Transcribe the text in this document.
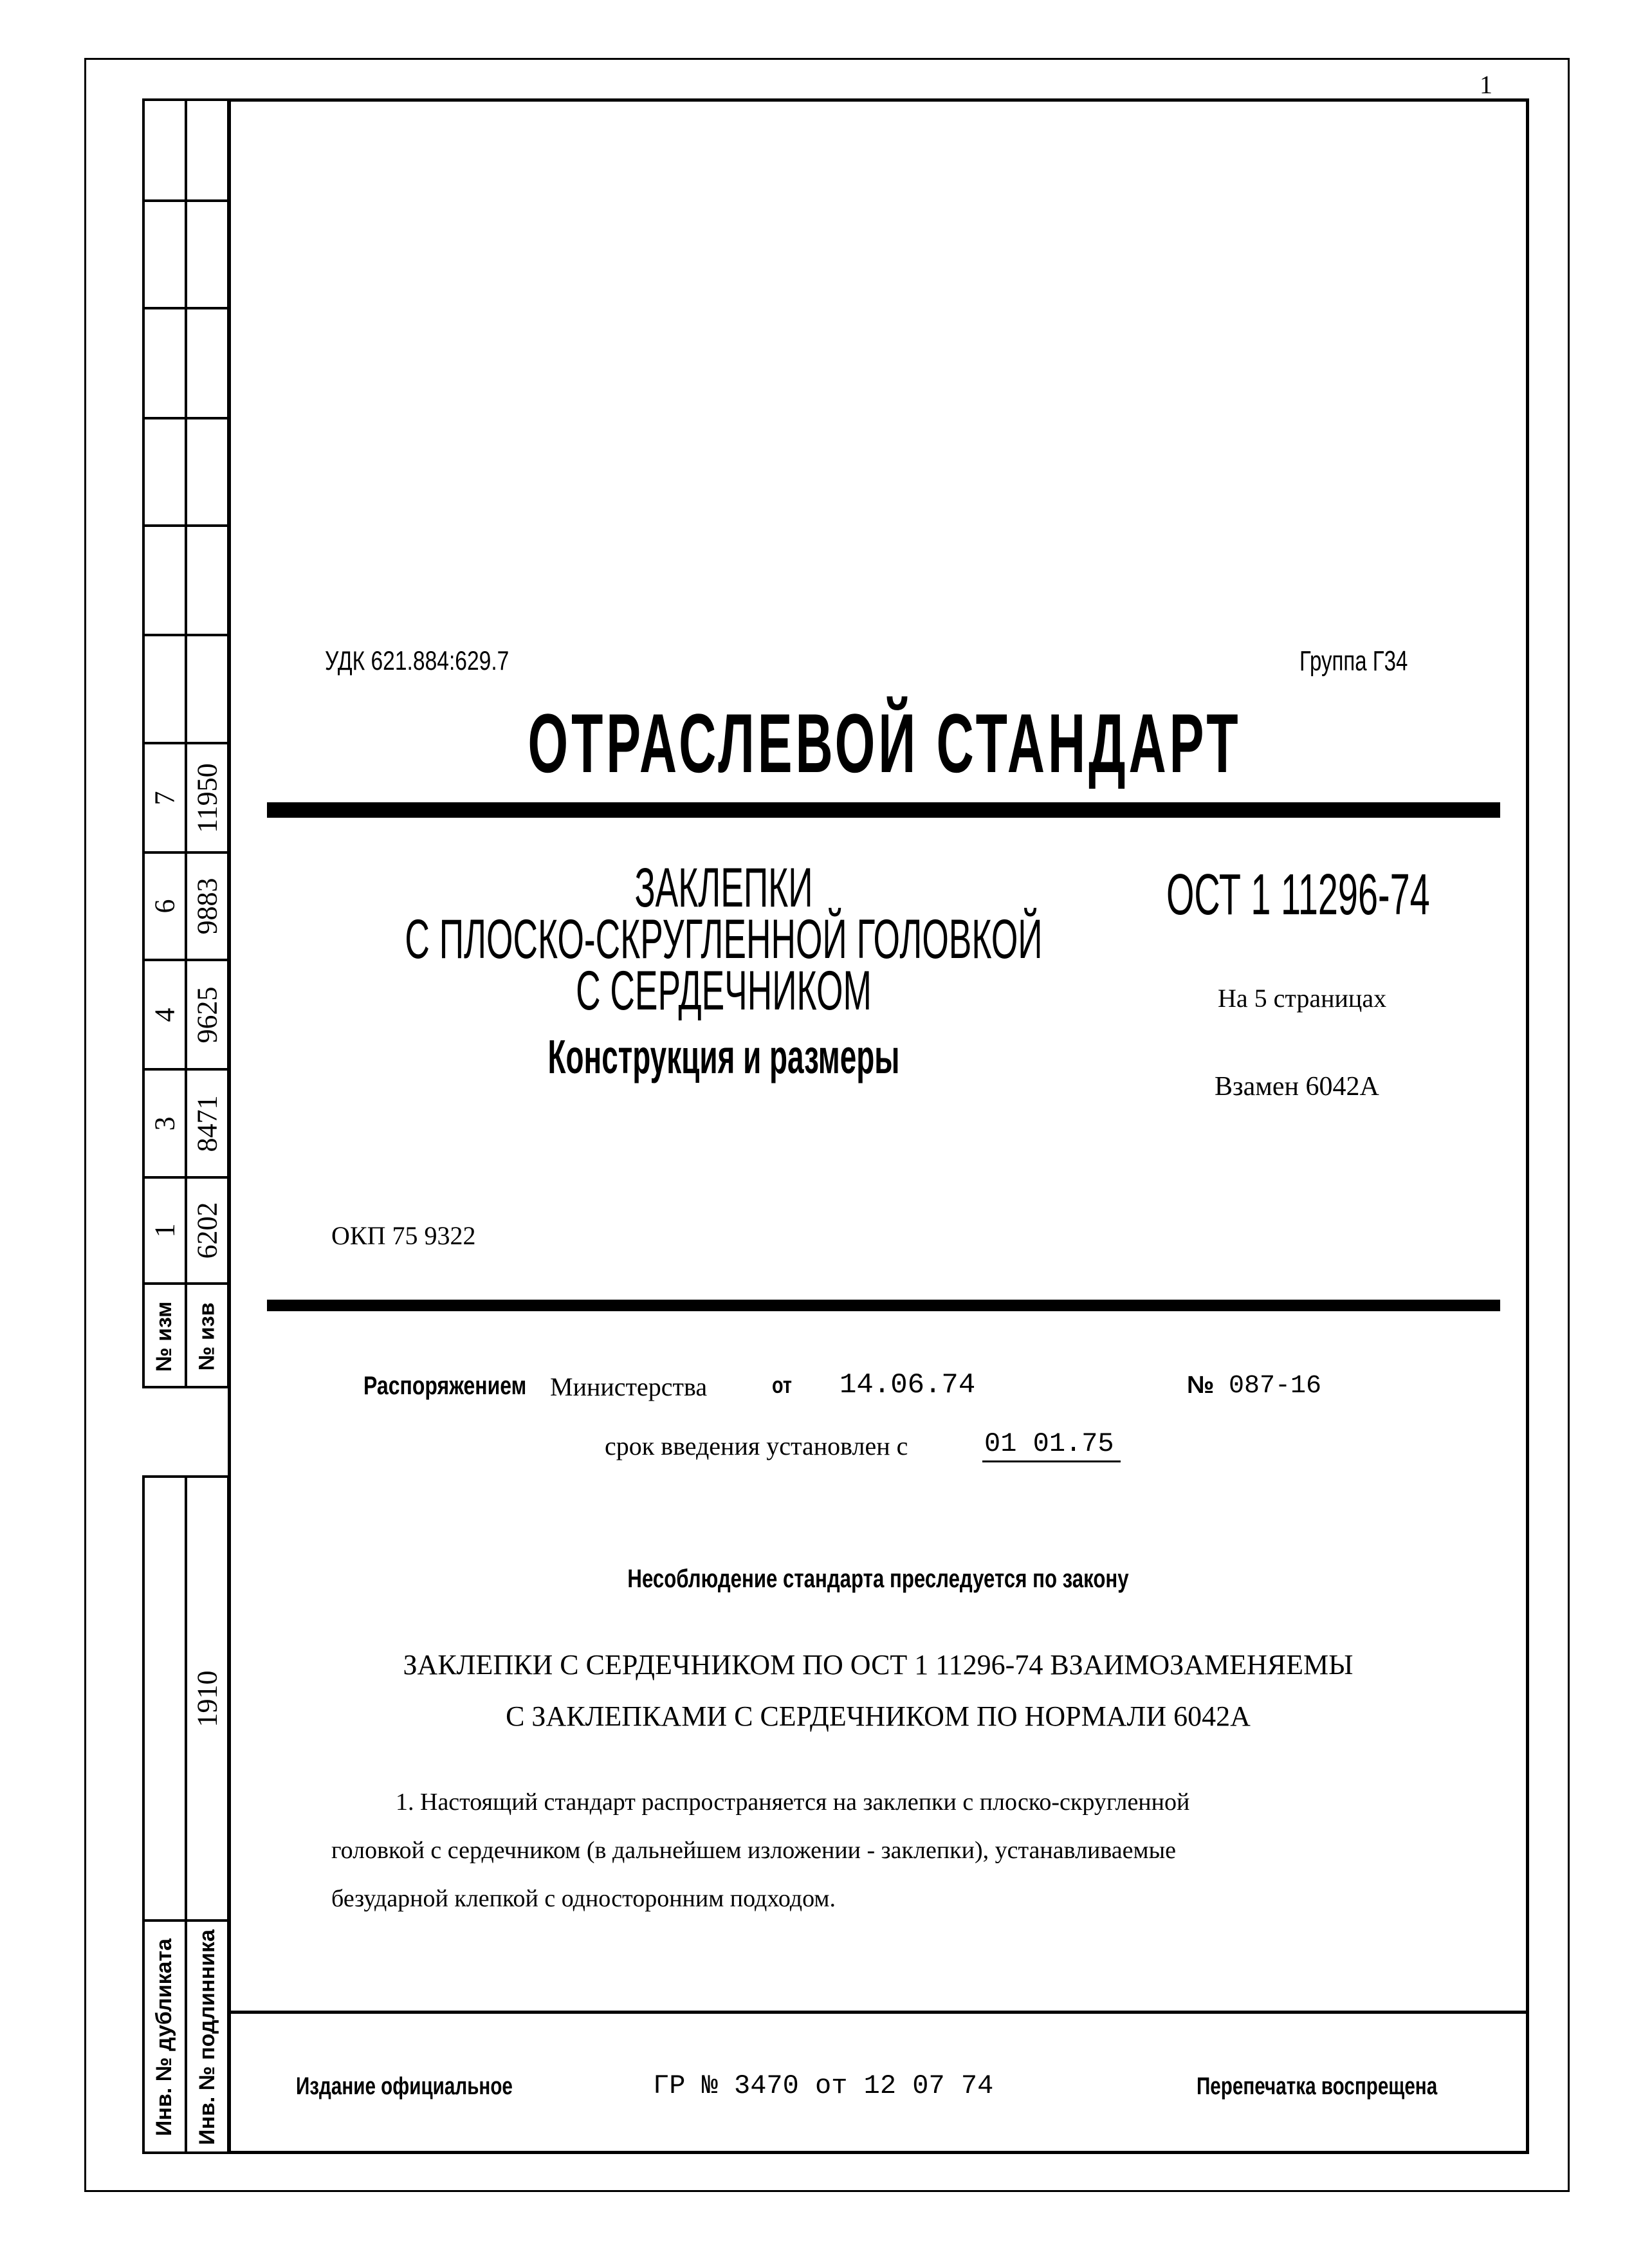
7 11950
6 9883
4 9625
3 8471
1 6202
№ изм № изв
1910
Инв. № дубликата Инв. № подлинника
1
УДК 621.884:629.7	Группа Г34
ОТРАСЛЕВОЙ СТАНДАРТ
ЗАКЛЕПКИ
С ПЛОСКО-СКРУГЛЕННОЙ ГОЛОВКОЙ
С СЕРДЕЧНИКОМ
Конструкция и размеры
ОСТ 1 11296-74
На 5 страницах
Взамен 6042А
ОКП 75 9322
Распоряжением Министерства	от 14.06.74	№ 087-16
срок введения установлен с	01 01.75
Несоблюдение стандарта преследуется по закону
ЗАКЛЕПКИ С СЕРДЕЧНИКОМ ПО ОСТ 1 11296-74 ВЗАИМОЗАМЕНЯЕМЫ
С ЗАКЛЕПКАМИ С СЕРДЕЧНИКОМ ПО НОРМАЛИ 6042А
1. Настоящий стандарт распространяется на заклепки с плоско-скругленной
головкой с сердечником (в дальнейшем изложении - заклепки), устанавливаемые
безударной клепкой с односторонним подходом.
Издание официальное	ГР № 3470 от 12 07 74	Перепечатка воспрещена
